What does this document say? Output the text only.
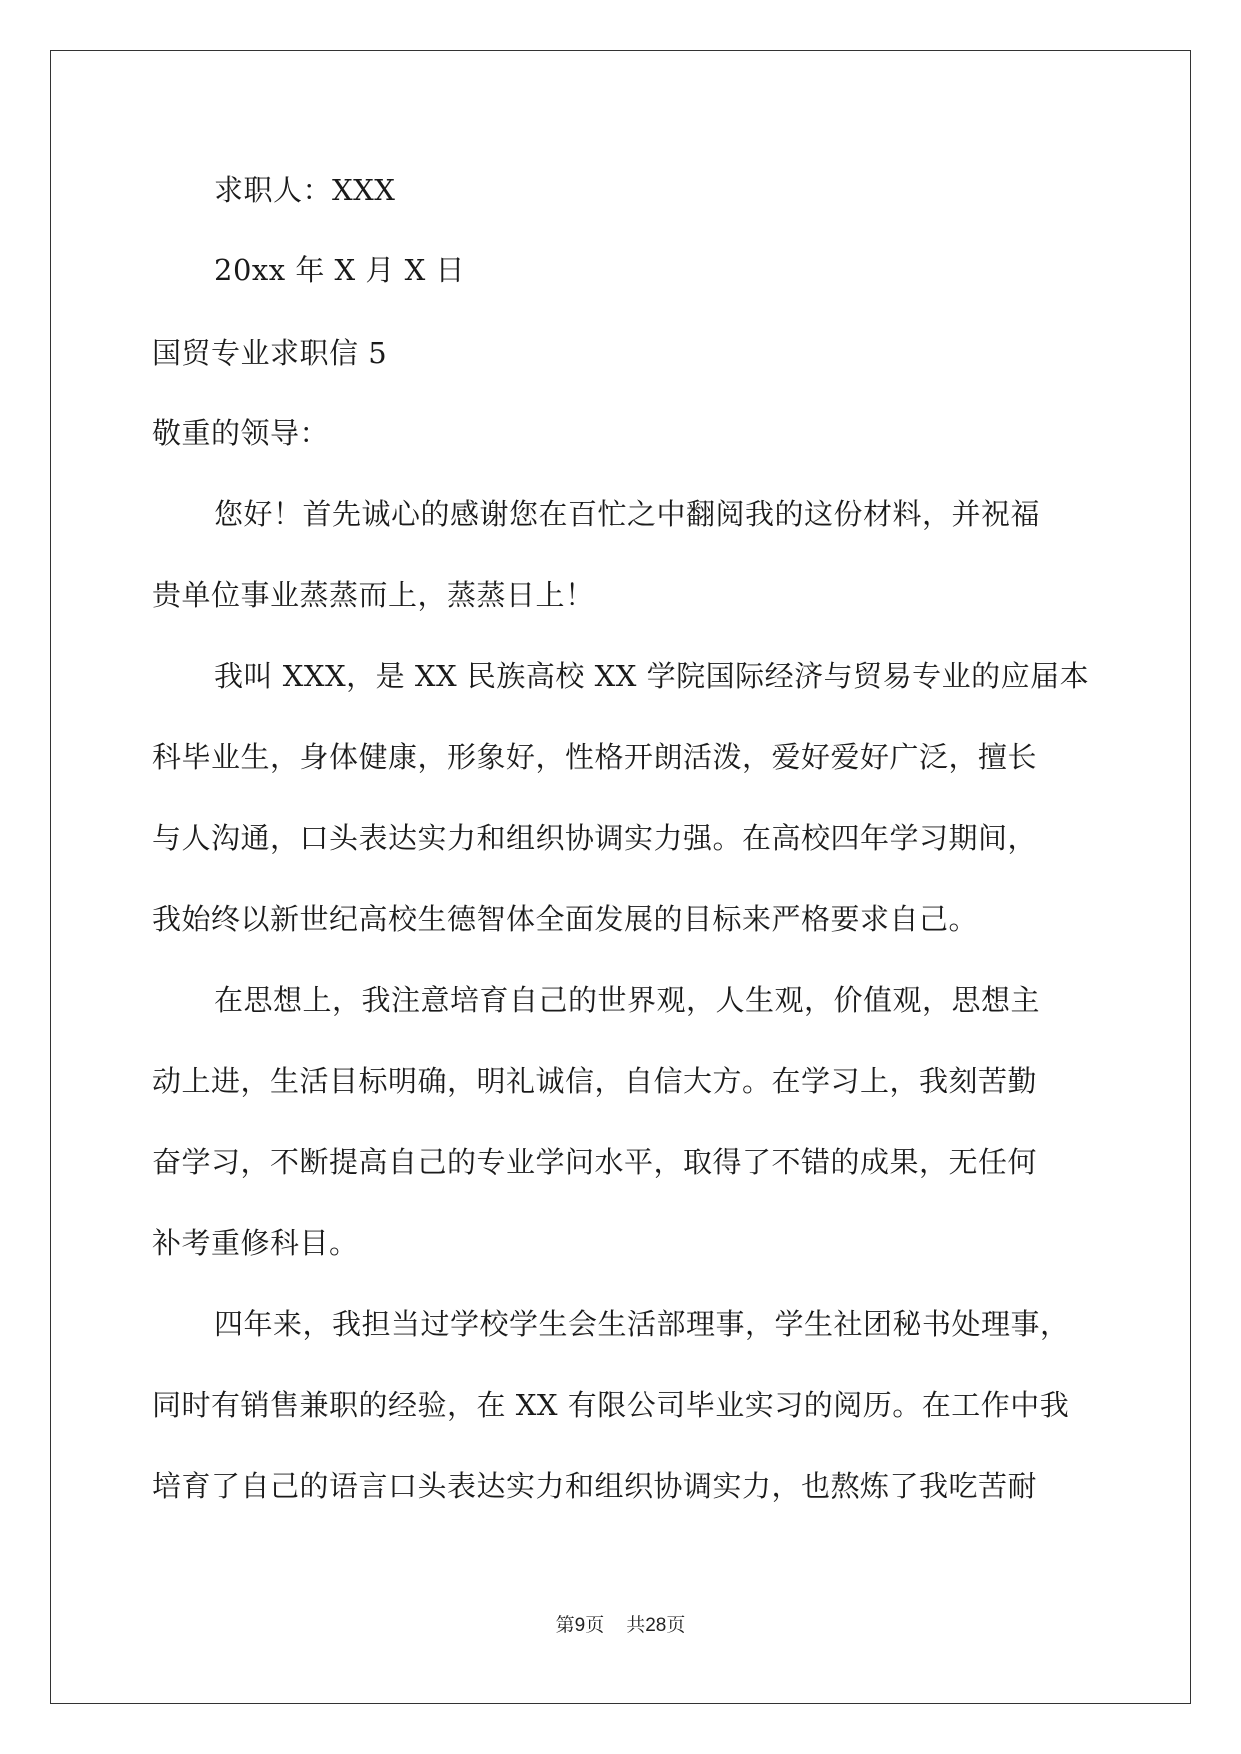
求职人：XXX
20xx 年 X 月 X 日
国贸专业求职信 5
敬重的领导：
您好！首先诚心的感谢您在百忙之中翻阅我的这份材料，并祝福
贵单位事业蒸蒸而上，蒸蒸日上！
我叫 XXX，是 XX 民族高校 XX 学院国际经济与贸易专业的应届本
科毕业生，身体健康，形象好，性格开朗活泼，爱好爱好广泛，擅长
与人沟通，口头表达实力和组织协调实力强。在高校四年学习期间，
我始终以新世纪高校生德智体全面发展的目标来严格要求自己。
在思想上，我注意培育自己的世界观，人生观，价值观，思想主
动上进，生活目标明确，明礼诚信，自信大方。在学习上，我刻苦勤
奋学习，不断提高自己的专业学问水平，取得了不错的成果，无任何
补考重修科目。
四年来，我担当过学校学生会生活部理事，学生社团秘书处理事，
同时有销售兼职的经验，在 XX 有限公司毕业实习的阅历。在工作中我
培育了自己的语言口头表达实力和组织协调实力，也熬炼了我吃苦耐
第9页 共28页
